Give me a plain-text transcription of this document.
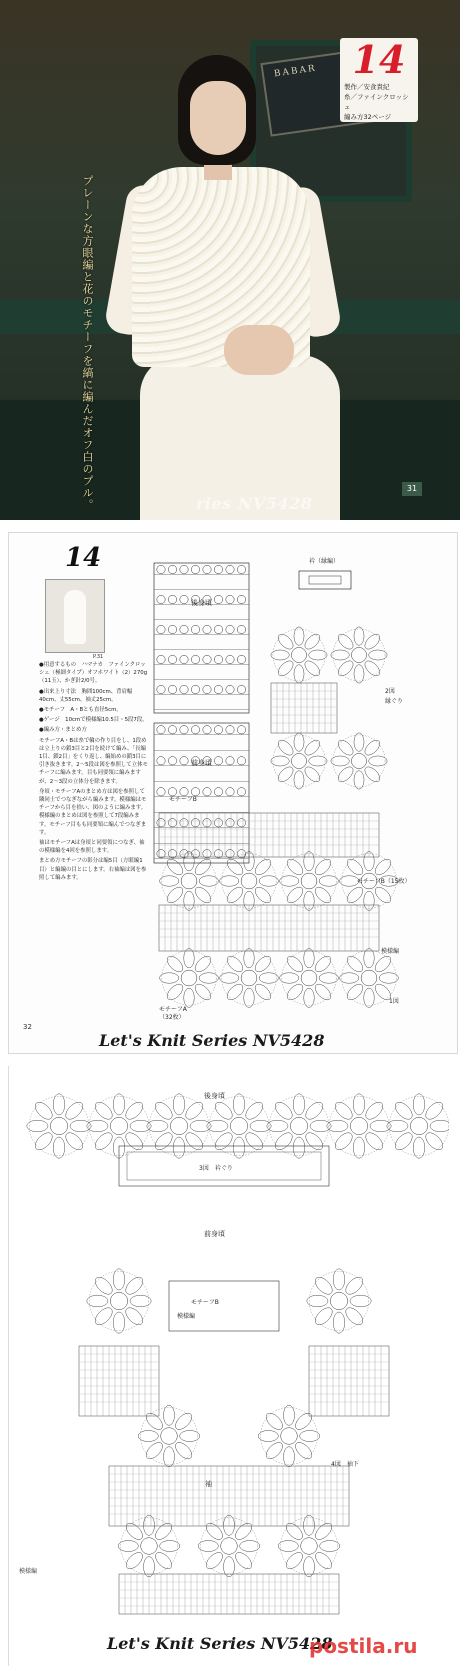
BABAR
プレーンな方眼編と花のモチーフを縞に編んだオフ白のプル。
14
製作／安食貴紀
糸／ファインクロッシェ
編み方32ページ
31
ries NV5428
14
P.31

●用意するもの　ハマナカ　ファインクロッシェ（極細タイプ）オフホワイト（2）270g（11玉）、かぎ針2/0号。

●出来上り寸法　胸囲100cm、背肩幅40cm、丈55cm、袖丈25cm。

●モチーフ　A・Bとも直径5cm。

●ゲージ　10cmで模様編10.5目・5段7段。

●編み方・まとめ方

モチーフA・Bは糸で輪の作り目をし、1段めは立上りの鎖3目と2目を続けて編み、「長編1目、鎖2目」をくり返し、編始めの鎖3目に引き抜きます。2〜5段は図を参照して立体モチーフに編みます。目も同要領に編みますが、2〜3段の立体分を除きます。

身頃・モチーフAのまとめ方は図を参照して隣同士でつなぎながら編みます。模様編はモチーフから目を拾い、図のように編みます。模様編のまとめは図を参照して7段編みます。モチーフ目もも同要領に編んでつなぎます。

袖はモチーフAは身頃と同要領につなぎ、袖の模様編を4回を参照します。

まとめ方モチーフの影分は編5目（方眼編1目）と編編の目とにします。右袖編は図を参照して編みます。

後身頃
前身頃
モチーフB
衿（縁編）
2図
縁ぐり
模様編
モチーフB（15枚）
1図
モチーフA
（32枚）
32
Let's Knit Series NV5428
後身頃
3図　衿ぐり
前身頃
モチーフB
模様編
袖
4図　袖下
模様編
Let's Knit Series NV5428
postila.ru
